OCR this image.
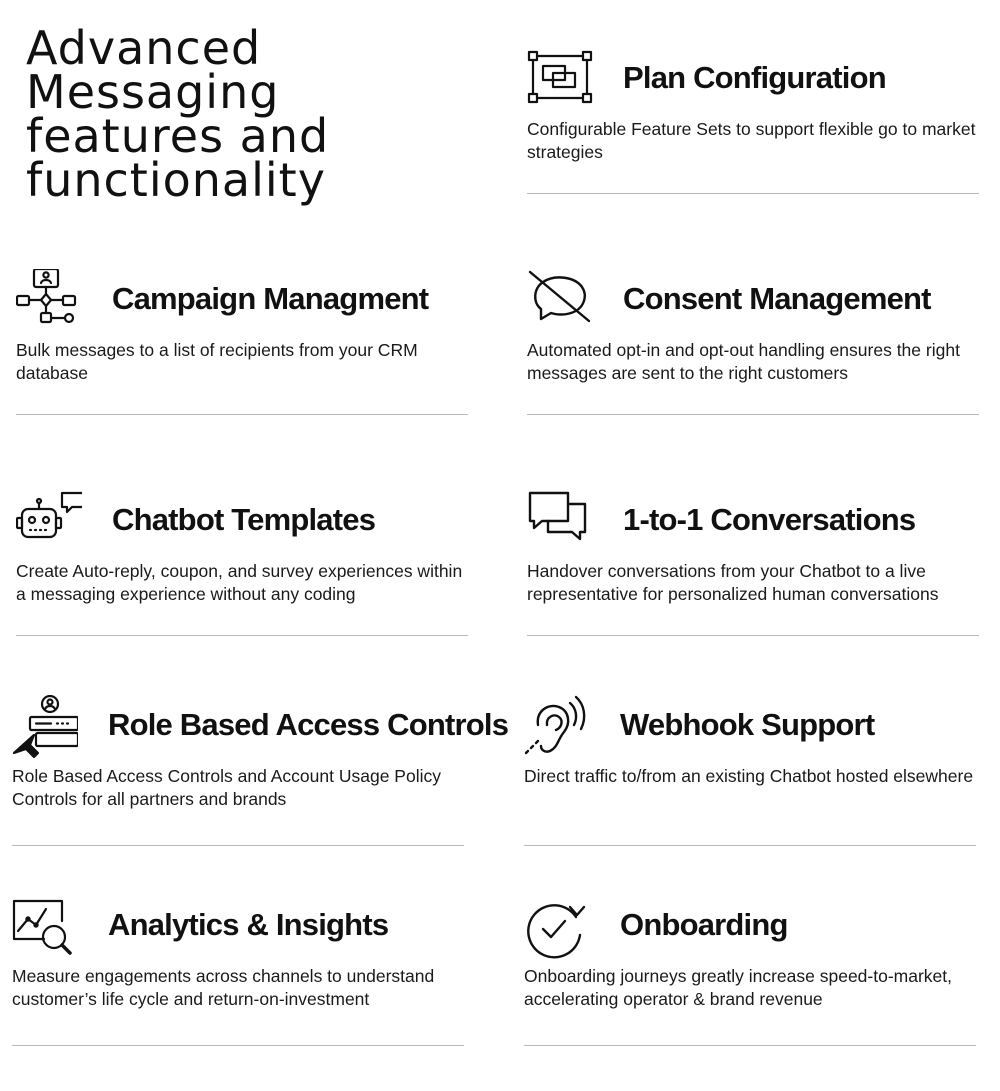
Advanced Messaging features and functionality
Plan Configuration

Configurable Feature Sets to support flexible go to market strategies

Campaign Managment

Bulk messages to a list of recipients from your CRM database

Consent Management

Automated opt-in and opt-out handling ensures the right messages are sent to the right customers

Chatbot Templates

Create Auto-reply, coupon, and survey experiences within a messaging experience without any coding

1-to-1 Conversations

Handover conversations from your Chatbot to a live representative for personalized human conversations

Role Based Access Controls

Role Based Access Controls and Account Usage Policy Controls for all partners and brands

Webhook Support

Direct traffic to/from an existing Chatbot hosted elsewhere

Analytics & Insights

Measure engagements across channels to understand customer’s life cycle and return-on-investment

Onboarding

Onboarding journeys greatly increase speed-to-market, accelerating operator & brand revenue
